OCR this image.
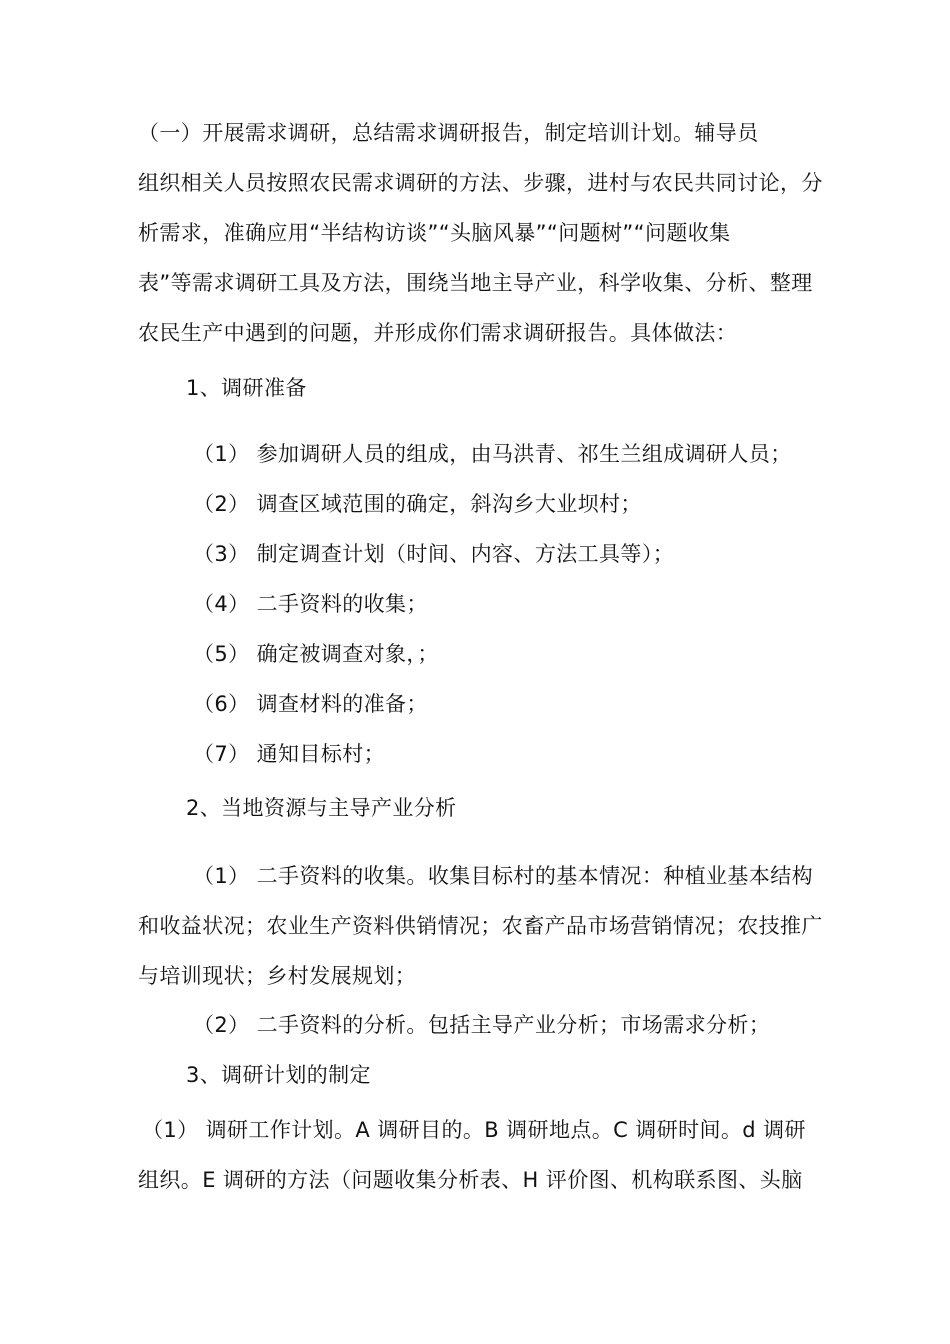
（一）开展需求调研，总结需求调研报告，制定培训计划。辅导员
组织相关人员按照农民需求调研的方法、步骤，进村与农民共同讨论，分
析需求，准确应用“半结构访谈”“头脑风暴”“问题树”“问题收集
表”等需求调研工具及方法，围绕当地主导产业，科学收集、分析、整理
农民生产中遇到的问题，并形成你们需求调研报告。具体做法：
1、调研准备
（1） 参加调研人员的组成，由马洪青、祁生兰组成调研人员；
（2） 调查区域范围的确定，斜沟乡大业坝村；
（3） 制定调查计划（时间、内容、方法工具等）；
（4） 二手资料的收集；
（5） 确定被调查对象，；
（6） 调查材料的准备；
（7） 通知目标村；
2、当地资源与主导产业分析
（1） 二手资料的收集。收集目标村的基本情况：种植业基本结构
和收益状况；农业生产资料供销情况；农畜产品市场营销情况；农技推广
与培训现状；乡村发展规划；
（2） 二手资料的分析。包括主导产业分析；市场需求分析；
3、调研计划的制定
（1） 调研工作计划。A 调研目的。B 调研地点。C 调研时间。d 调研
组织。E 调研的方法（问题收集分析表、H 评价图、机构联系图、头脑
